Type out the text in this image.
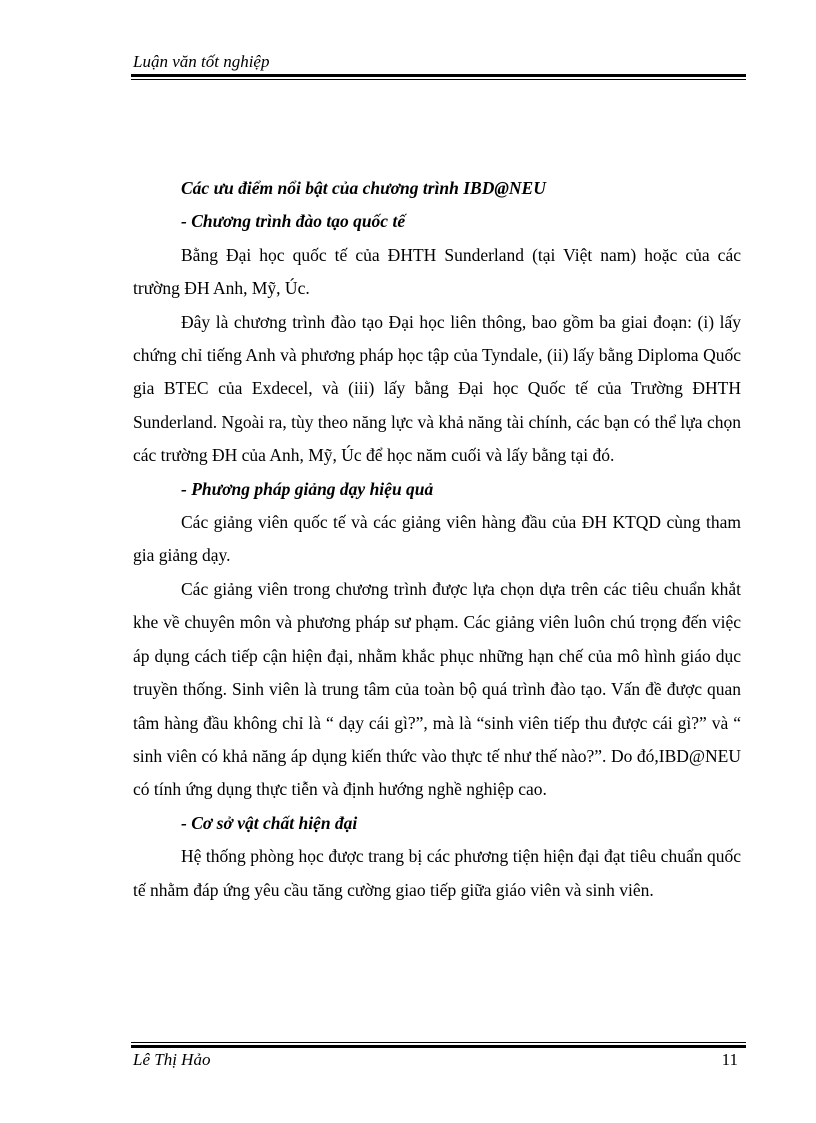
Luận văn tốt nghiệp

Các ưu điểm nổi bật của chương trình IBD@NEU

- Chương trình đào tạo quốc tế

Bằng Đại học quốc tế của ĐHTH Sunderland (tại Việt nam) hoặc của các trường ĐH Anh, Mỹ, Úc.

Đây là chương trình đào tạo Đại học liên thông, bao gồm ba giai đoạn: (i) lấy chứng chỉ tiếng Anh và phương pháp học tập của Tyndale, (ii) lấy bằng Diploma Quốc gia BTEC của Exdecel, và (iii) lấy bằng Đại học Quốc tế của Trường ĐHTH Sunderland. Ngoài ra, tùy theo năng lực và khả năng tài chính, các bạn có thể lựa chọn các trường ĐH của Anh, Mỹ, Úc để học năm cuối và lấy bằng tại đó.

- Phương pháp giảng dạy hiệu quả

Các giảng viên quốc tế và các giảng viên hàng đầu của ĐH KTQD cùng tham gia giảng dạy.

Các giảng viên trong chương trình được lựa chọn dựa trên các tiêu chuẩn khắt khe về chuyên môn và phương pháp sư phạm. Các giảng viên luôn chú trọng đến việc áp dụng cách tiếp cận hiện đại, nhằm khắc phục những hạn chế của mô hình giáo dục truyền thống. Sinh viên là trung tâm của toàn bộ quá trình đào tạo. Vấn đề được quan tâm hàng đầu không chỉ là “ dạy cái gì?”, mà là “sinh viên tiếp thu được cái gì?” và “ sinh viên có khả năng áp dụng kiến thức vào thực tế như thế nào?”. Do đó,IBD@NEU có tính ứng dụng thực tiễn và định hướng nghề nghiệp cao.

- Cơ sở vật chất hiện đại

Hệ thống phòng học được trang bị các phương tiện hiện đại đạt tiêu chuẩn quốc tế nhằm đáp ứng yêu cầu tăng cường giao tiếp giữa giáo viên và sinh viên.

Lê Thị Hảo	11
